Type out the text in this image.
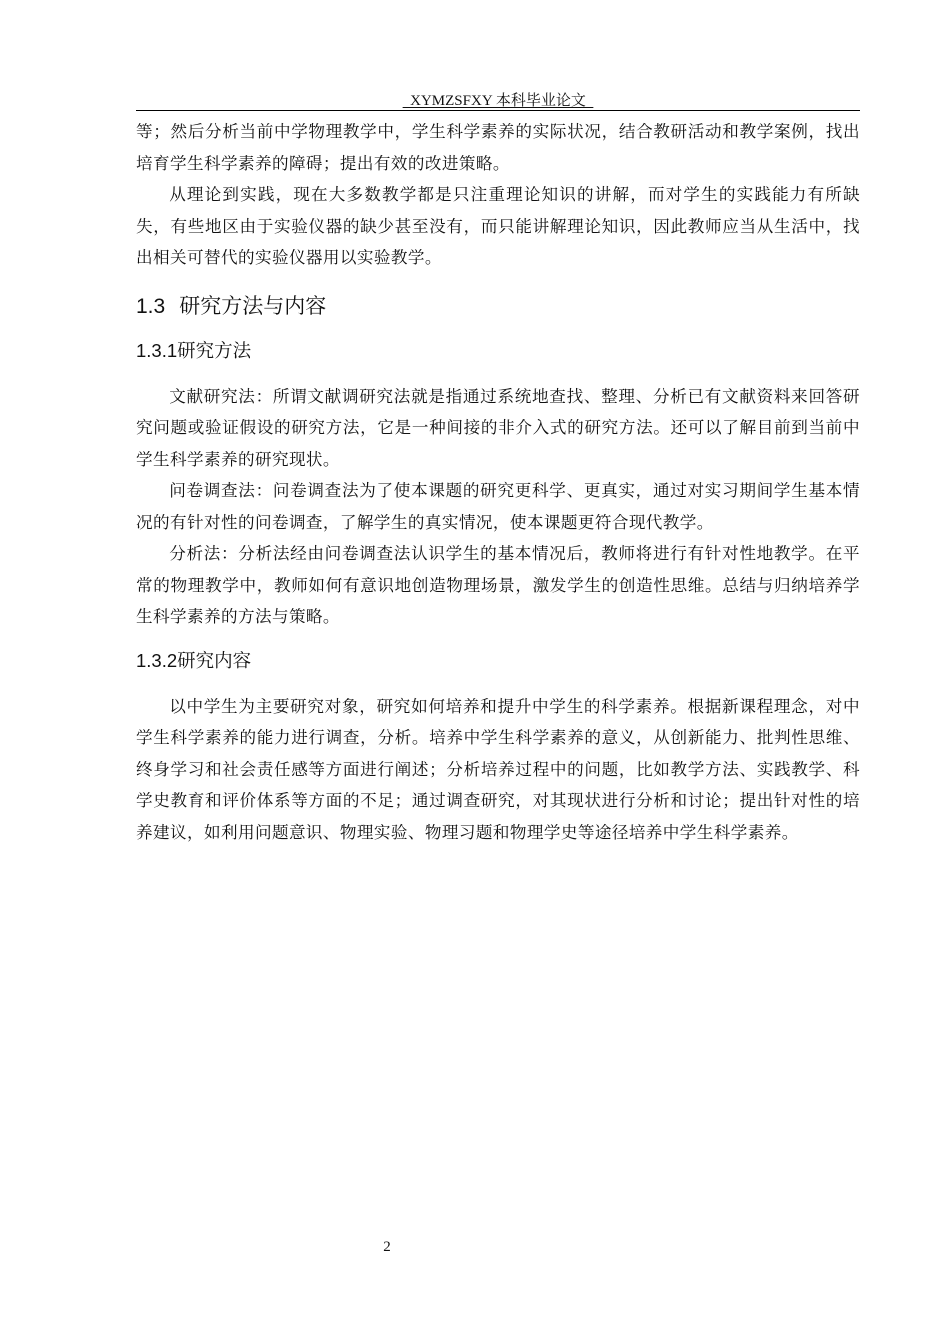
XYMZSFXY 本科毕业论文

等；然后分析当前中学物理教学中，学生科学素养的实际状况，结合教研活动和教学案例，找出培育学生科学素养的障碍；提出有效的改进策略。

从理论到实践，现在大多数教学都是只注重理论知识的讲解，而对学生的实践能力有所缺失，有些地区由于实验仪器的缺少甚至没有，而只能讲解理论知识，因此教师应当从生活中，找出相关可替代的实验仪器用以实验教学。

1.3 研究方法与内容
1.3.1研究方法

文献研究法：所谓文献调研究法就是指通过系统地查找、整理、分析已有文献资料来回答研究问题或验证假设的研究方法，它是一种间接的非介入式的研究方法。还可以了解目前到当前中学生科学素养的研究现状。

问卷调查法：问卷调查法为了使本课题的研究更科学、更真实，通过对实习期间学生基本情况的有针对性的问卷调查，了解学生的真实情况，使本课题更符合现代教学。

分析法：分析法经由问卷调查法认识学生的基本情况后，教师将进行有针对性地教学。在平常的物理教学中，教师如何有意识地创造物理场景，激发学生的创造性思维。总结与归纳培养学生科学素养的方法与策略。

1.3.2研究内容

以中学生为主要研究对象，研究如何培养和提升中学生的科学素养。根据新课程理念，对中学生科学素养的能力进行调查，分析。培养中学生科学素养的意义，从创新能力、批判性思维、终身学习和社会责任感等方面进行阐述；分析培养过程中的问题，比如教学方法、实践教学、科学史教育和评价体系等方面的不足；通过调查研究，对其现状进行分析和讨论；提出针对性的培养建议，如利用问题意识、物理实验、物理习题和物理学史等途径培养中学生科学素养。

2
